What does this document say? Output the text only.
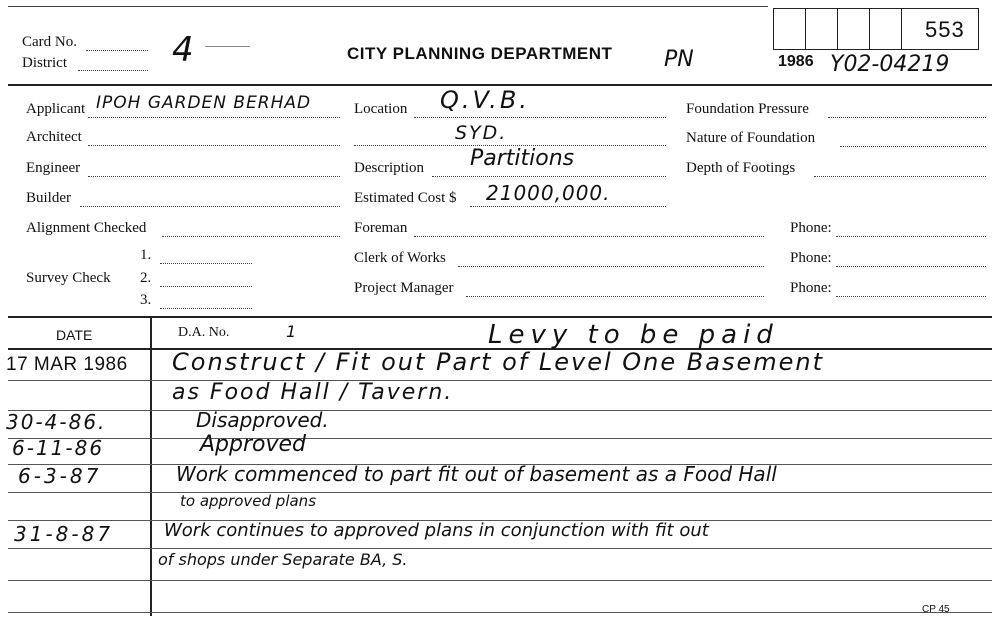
Card No.
District	4	CITY PLANNING DEPARTMENT PN	1986 Y02-04219
553
Applicant IPOH GARDEN BERHAD
Architect
Engineer
Builder
Alignment Checked
Survey Check
1.
2.
3.
Location Q.V.B.
SYD.
Description Partitions
Estimated Cost $ 21000,000.
Foreman
Clerk of Works
Project Manager
Foundation Pressure
Nature of Foundation
Depth of Footings
Phone:
Phone:
Phone:
DATE	D.A. No.	1	Levy to be paid
17 MAR 1986 Construct / Fit out Part of Level One Basement
as Food Hall / Tavern.
30-4-86.	Disapproved.
6-11-86	Approved
6-3-87	Work commenced to part fit out of basement as a Food Hall
to approved plans
31-8-87	Work continues to approved plans in conjunction with fit out
of shops under Separate BA, S.
CP 45
